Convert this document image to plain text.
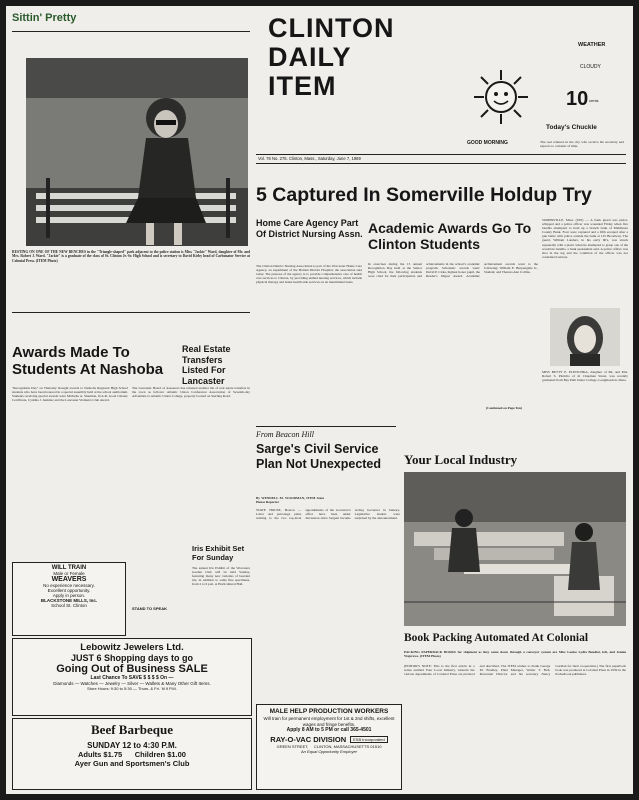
Sittin' Pretty
RESTING ON ONE OF THE NEW BENCHES in the "Triangle-shaped" park adjacent to the police station is Miss "Jackie" Ward, daughter of Mr. and Mrs. Robert J. Ward. "Jackie" is a graduate of the class of St. Clinton Jr.-Sr. High School and is secretary to David Kirby head of Carbonator Service at Colonial Press. (ITEM Photo)
CLINTON
DAILY
ITEM
GOOD MORNING
WEATHER
CLOUDY
10 cents
Today's Chuckle
The real winners in the city who receive his secretary and expects to a matter of time.
Vol. 76 No. 275. Clinton, Mass., Saturday, June 7, 1969
5 Captured In Somerville Holdup Try
Home Care Agency Part Of District Nursing Assn.
The Clinton District Nursing Association is part of the Worcester Home Care Agency, an experiment of the Holden District Hospital, the association said today. The purpose of the agency is to provide comprehensive care of health care services to Clinton, by providing skilled nursing services, which include physical therapy and home health aide services on an intermittent basis.
Academic Awards Go To Clinton Students
In exercises during the 15 annual Recognition Day held at the Senior High School, the following students were cited for their participation and achievements in the school's academic program. Scholastic awards went: David P. Cirka, highest honor pupil, the Reader's Digest Award. Academic Achievement awards went to the following: William E. Burpengalle Jr., Student; and Theresa Ann Collins.
(Continued on Page Ten)
SOMERVILLE, Mass. (UPI) — A bank guard was pistol-whipped and a police officer was wounded Friday when five bandits attempted to hold up a branch bank of Middlesex County Bank. Four were captured and a fifth escaped after a gun battle with police outside the bank at 125 Broadway. The guard, William Landers, in his early 60's, was struck repeatedly with a pistol when he attempted to grasp one of the would-be bandits, a bank spokesman said. A police officer was shot in the leg and the condition of the officer was not considered serious.
MISS BETTY E. PLETICHKA, daughter of Mr. and Mrs. Robert S. Pleticha of 41 Chapman Street, was recently graduated from Bay Path Junior College, Longmeadow, Mass.
Awards Made To Students At Nashoba
"Recognition Day" on Thursday brought awards to Nashoba Regional High School students who have been honored in a special assembly held at the school auditorium. Students receiving special awards were Michelle A. Sherman, D.A.R. Good Citizen; Certificate, Cynthia J. Jenkins; and the Lancaster Woman's Club Award.
Real Estate Transfers Listed For Lancaster
The Lancaster Board of Assessors has released another list of real estate transfers in the town as follows: Atlantic Union Conference Association of Seventh-day Adventists to Atlantic Union College, property located on Sterling Road.
Iris Exhibit Set For Sunday
The annual Iris Exhibit of the Worcester Garden Club will be held Sunday, featuring many new varieties of bearded iris, in addition to some fine specimens, from 2 to 6 p.m. at Horticultural Hall.
STAND TO SPEAK
WILL TRAIN
Male or Female
WEAVERS
No experience necessary.
Excellent opportunity.
Apply in person.
BLACKSTONE MILLS, Inc.
School St. Clinton
Lebowitz Jewelers Ltd.
JUST 6 Shopping days to go
Going Out of Business SALE
Last Chance To SAVE $ $ $ $ On —
Diamonds — Watches — Jewelry — Silver — Wallets & Many Other Gift Items.
Store Hours: 9:30 to 5:30 — Thurs. & Fri. 'til 9 P.M.
Beef Barbeque
SUNDAY 12 to 4:30 P.M.
Adults $1.75      Children $1.00
Ayer Gun and Sportsmen's Club
From Beacon Hill
Sarge's Civil Service Plan Not Unexpected
By WENDELL M. WOODMAN, ITEM State House Reporter
STATE HOUSE, Boston — Labor and patronage plans relating to the two top-level appointments of the Governor's office have been under discussion since Sargent became Acting Governor in January. Legislative leaders were surprised by the announcement.
Your Local Industry
Book Packing Automated At Colonial
PACKING PAPERBACK BOOKS for shipment as they come down through a conveyor system are Miss Louise Lydia Boudier, left, and Jennie Wajsrows. (ITEM Photo)
(EDITOR'S NOTE: This is the first article in a series entitled Your Local Industry, wherein the various departments of Colonial Press are pictured and described. The ITEM wishes to thank George M. Brodley, Plant Manager, Walter T. Bell, Personnel Director and his secretary Nancy Gorman for their cooperation.) The first paperback book was produced at Colonial Press in 1939 in the Pocketbook publishers.
MALE HELP PRODUCTION WORKERS
Will train for permanent employment for 1st & 2nd shifts, excellent wages and fringe benefits.
Apply 8 AM to 5 PM or call 365-4501
RAY-O-VAC DIVISION	ESB Incorporated
GREEN STREET,     CLINTON, MASSACHUSETTS 01510
An Equal Opportunity Employer
